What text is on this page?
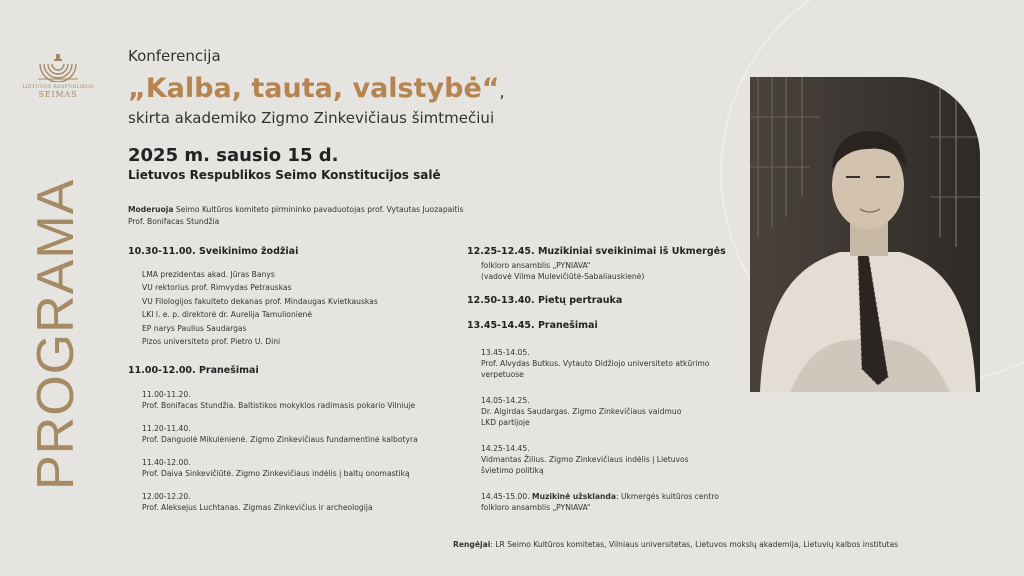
LIETUVOS RESPUBLIKOS
SEIMAS
PROGRAMA
Konferencija
„Kalba, tauta, valstybė“,
skirta akademiko Zigmo Zinkevičiaus šimtmečiui
2025 m. sausio 15 d.
Lietuvos Respublikos Seimo Konstitucijos salė
Moderuoja Seimo Kultūros komiteto pirmininko pavaduotojas prof. Vytautas Juozapaitis
Prof. Bonifacas Stundžia
10.30-11.00. Sveikinimo žodžiai
LMA prezidentas akad. Jūras Banys
VU rektorius prof. Rimvydas Petrauskas
VU Filologijos fakulteto dekanas prof. Mindaugas Kvietkauskas
LKI l. e. p. direktorė dr. Aurelija Tamulionienė
EP narys Paulius Saudargas
Pizos universiteto prof. Pietro U. Dini
11.00-12.00. Pranešimai
11.00-11.20.
Prof. Bonifacas Stundžia. Baltistikos mokyklos radimasis pokario Vilniuje
11.20-11.40.
Prof. Danguolė Mikulėnienė. Zigmo Zinkevičiaus fundamentinė kalbotyra
11.40-12.00.
Prof. Daiva Sinkevičiūtė. Zigmo Zinkevičiaus indėlis į baltų onomastiką
12.00-12.20.
Prof. Aleksejus Luchtanas. Zigmas Zinkevičius ir archeologija
12.25-12.45. Muzikiniai sveikinimai iš Ukmergės
folkloro ansamblis „PYNIAVA“
(vadovė Vilma Mulevičiūtė-Sabaliauskienė)
12.50-13.40. Pietų pertrauka
13.45-14.45. Pranešimai
13.45-14.05.
Prof. Alvydas Butkus. Vytauto Didžiojo universiteto atkūrimo
verpetuose
14.05-14.25.
Dr. Algirdas Saudargas. Zigmo Zinkevičiaus vaidmuo
LKD partijoje
14.25-14.45.
Vidmantas Žilius. Zigmo Zinkevičiaus indėlis į Lietuvos
švietimo politiką
14.45-15.00. Muzikinė užsklanda: Ukmergės kultūros centro
folkloro ansamblis „PYNIAVA“
Rengėjai: LR Seimo Kultūros komitetas, Vilniaus universitetas, Lietuvos mokslų akademija, Lietuvių kalbos institutas
